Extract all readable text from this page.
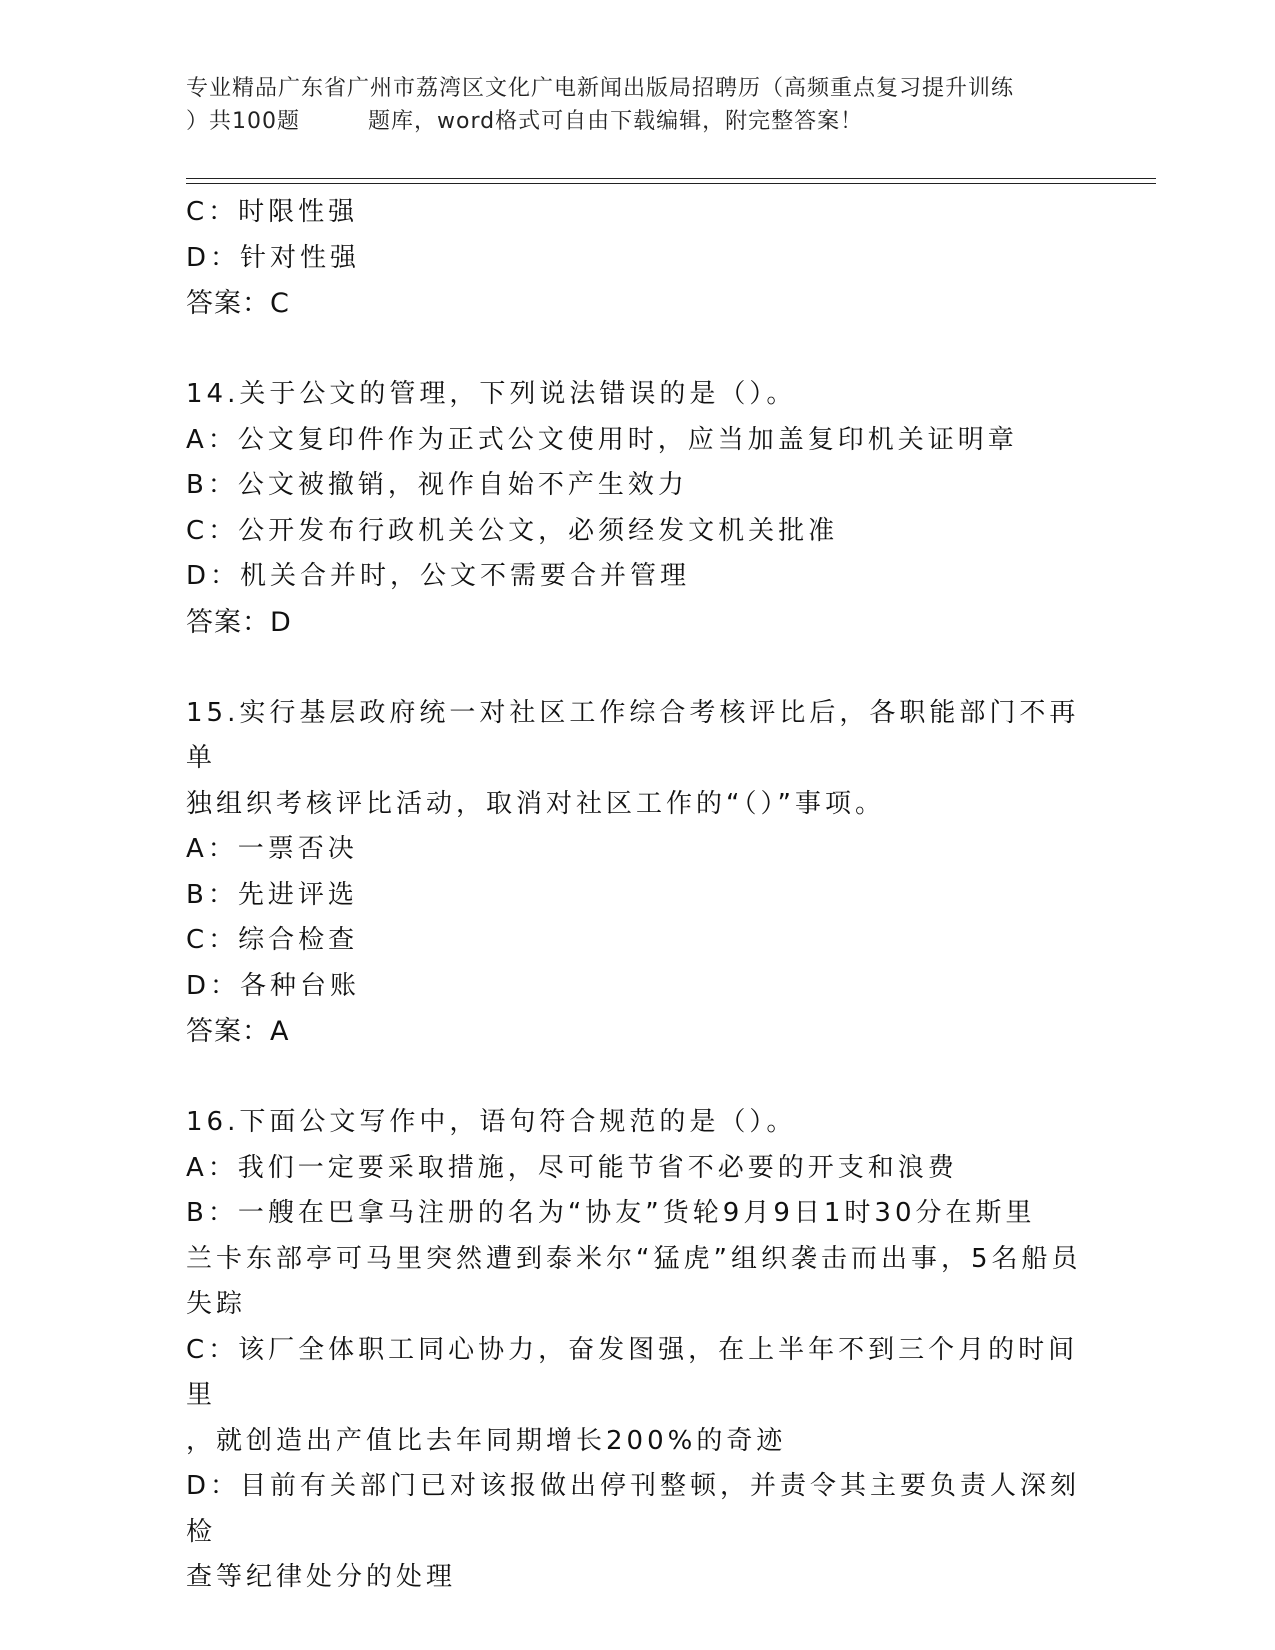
专业精品广东省广州市荔湾区文化广电新闻出版局招聘历（高频重点复习提升训练
）共100题	题库，word格式可自由下载编辑，附完整答案！

C：时限性强

D：针对性强

答案：C

14.关于公文的管理，下列说法错误的是（）。

A：公文复印件作为正式公文使用时，应当加盖复印机关证明章

B：公文被撤销，视作自始不产生效力

C：公开发布行政机关公文，必须经发文机关批准

D：机关合并时，公文不需要合并管理

答案：D

15.实行基层政府统一对社区工作综合考核评比后，各职能部门不再单

独组织考核评比活动，取消对社区工作的“（）”事项。

A：一票否决

B：先进评选

C：综合检查

D：各种台账

答案：A

16.下面公文写作中，语句符合规范的是（）。

A：我们一定要采取措施，尽可能节省不必要的开支和浪费

B：一艘在巴拿马注册的名为“协友”货轮9月9日1时30分在斯里

兰卡东部亭可马里突然遭到泰米尔“猛虎”组织袭击而出事，5名船员

失踪

C：该厂全体职工同心协力，奋发图强，在上半年不到三个月的时间里

，就创造出产值比去年同期增长200%的奇迹

D：目前有关部门已对该报做出停刊整顿，并责令其主要负责人深刻检

查等纪律处分的处理
